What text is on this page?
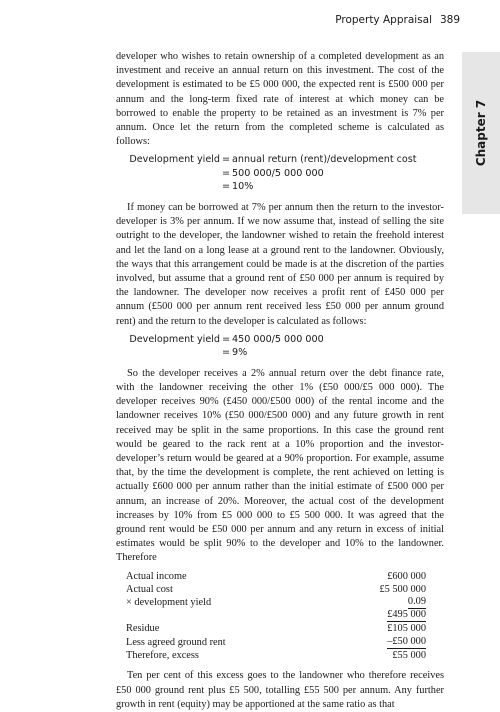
Property Appraisal 389
Chapter 7

developer who wishes to retain ownership of a completed development as an investment and receive an annual return on this investment. The cost of the development is estimated to be £5 000 000, the expected rent is £500 000 per annum and the long-term fixed rate of interest at which money can be borrowed to enable the property to be retained as an investment is 7% per annum. Once let the return from the completed scheme is calculated as follows:

Development yield = annual return (rent)/development cost
= 500 000/5 000 000
= 10%

If money can be borrowed at 7% per annum then the return to the investor-developer is 3% per annum. If we now assume that, instead of selling the site outright to the developer, the landowner wished to retain the freehold interest and let the land on a long lease at a ground rent to the landowner. Obviously, the ways that this arrangement could be made is at the discretion of the parties involved, but assume that a ground rent of £50 000 per annum is required by the landowner. The developer now receives a profit rent of £450 000 per annum (£500 000 per annum rent received less £50 000 per annum ground rent) and the return to the developer is calculated as follows:

Development yield = 450 000/5 000 000
= 9%

So the developer receives a 2% annual return over the debt finance rate, with the landowner receiving the other 1% (£50 000/£5 000 000). The developer receives 90% (£450 000/£500 000) of the rental income and the landowner receives 10% (£50 000/£500 000) and any future growth in rent received may be split in the same proportions. In this case the ground rent would be geared to the rack rent at a 10% proportion and the investor-developer’s return would be geared at a 90% proportion. For example, assume that, by the time the development is complete, the rent achieved on letting is actually £600 000 per annum rather than the initial estimate of £500 000 per annum, an increase of 20%. Moreover, the actual cost of the development increases by 10% from £5 000 000 to £5 500 000. It was agreed that the ground rent would be £50 000 per annum and any return in excess of initial estimates would be split 90% to the developer and 10% to the landowner. Therefore

Actual income	£600 000
Actual cost	£5 500 000
× development yield	0.09
£495 000
Residue	£105 000
Less agreed ground rent	–£50 000
Therefore, excess	£55 000

Ten per cent of this excess goes to the landowner who therefore receives £50 000 ground rent plus £5 500, totalling £55 500 per annum. Any further growth in rent (equity) may be apportioned at the same ratio as that
